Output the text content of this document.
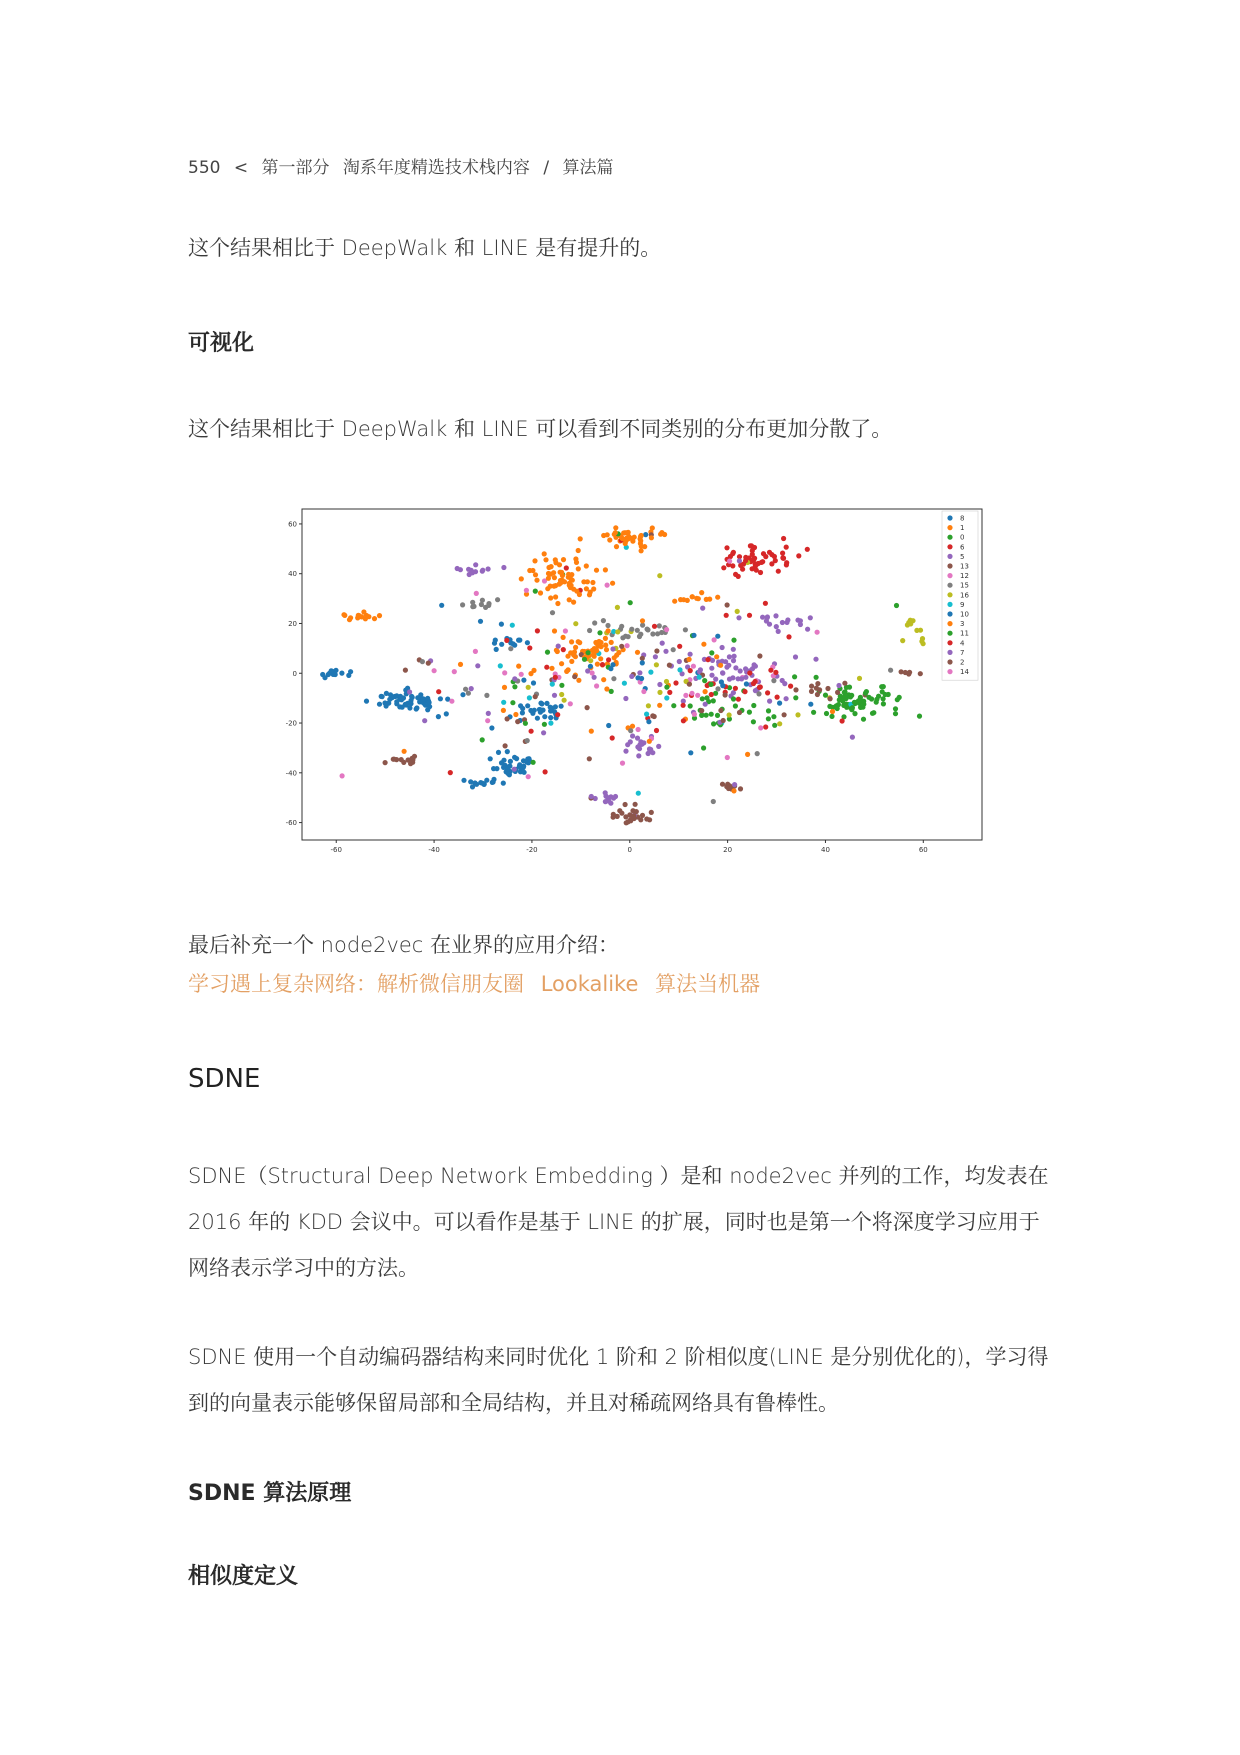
550 < 第一部分 淘系年度精选技术栈内容 / 算法篇

这个结果相比于 DeepWalk 和 LINE 是有提升的。

可视化

这个结果相比于 DeepWalk 和 LINE 可以看到不同类别的分布更加分散了。

-60	-40	-20	0	20	40	60
60
40
20
0
-20
-40
-60
8
1
0
6
5
13
12
15
16
9
10
3
11
4
7
2
14

最后补充一个 node2vec 在业界的应用介绍：

学习遇上复杂网络：解析微信朋友圈 Lookalike 算法当机器
SDNE

SDNE（Structural Deep Network Embedding ）是和 node2vec 并列的工作，均发表在 2016 年的 KDD 会议中。可以看作是基于 LINE 的扩展，同时也是第一个将深度学习应用于网络表示学习中的方法。

SDNE 使用一个自动编码器结构来同时优化 1 阶和 2 阶相似度(LINE 是分别优化的)，学习得到的向量表示能够保留局部和全局结构，并且对稀疏网络具有鲁棒性。

SDNE 算法原理
相似度定义
